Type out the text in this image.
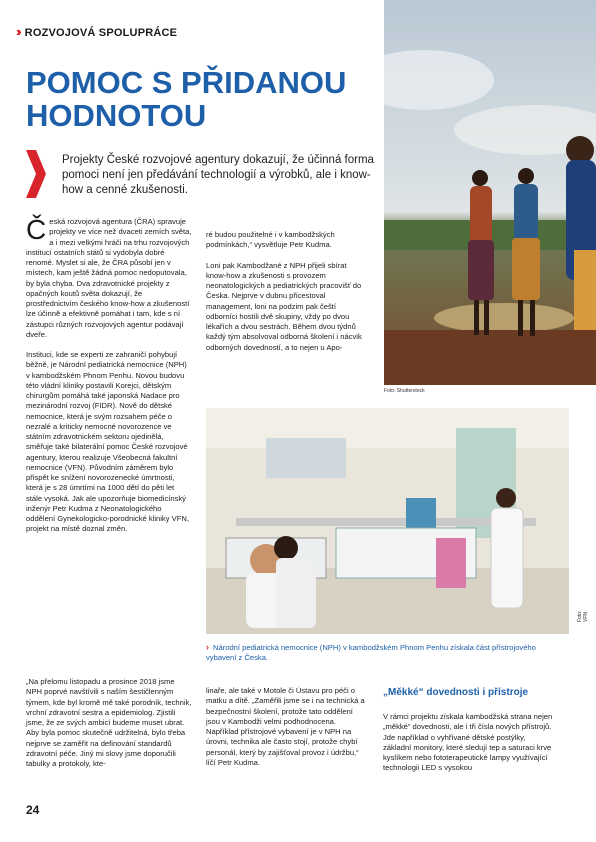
›› ROZVOJOVÁ SPOLUPRÁCE
POMOC S PŘIDANOU
HODNOTOU
Projekty České rozvojové agentury dokazují, že účinná forma pomoci není jen předávání technologií a výrobků, ale i know-how a cenné zkušenosti.
Foto: Shutterstock

Česká rozvojová agentura (ČRA) spravuje projekty ve více než dvaceti zemích světa, a i mezi velkými hráči na trhu rozvojových institucí ostatních států si vydobyla dobré renomé. Myslet si ale, že ČRA působí jen v místech, kam ještě žádná pomoc nedoputovala, by byla chyba. Dva zdravotnické projekty z opačných koutů světa dokazují, že prostřednictvím českého know-how a zkušeností lze účinně a efektivně pomáhat i tam, kde s ní zástupci různých rozvojových agentur podávají dveře.

Instituci, kde se experti ze zahraničí pohybují běžně, je Národní pediatrická nemocnice (NPH) v kambodžském Phnom Penhu. Novou budovu této vládní kliniky postavili Korejci, dětským chirurgům pomáhá také japonská Nadace pro mezinárodní rozvoj (FIDR). Nově do dětské nemocnice, která je svým rozsahem péče o nezralé a kriticky nemocné novorozence ve státním zdravotnickém sektoru ojedinělá, směřuje také bilaterální pomoc České rozvojové agentury, kterou realizuje Všeobecná fakultní nemocnice (VFN). Původním záměrem bylo přispět ke snížení novorozenecké úmrtnosti, která je s 28 úmrtími na 1000 dětí do pěti let stále vysoká. Jak ale upozorňuje biomedicínský inženýr Petr Kudma z Neonatologického oddělení Gynekologicko-porodnické kliniky VFN, projekt na místě doznal změn.

ré budou použitelné i v kambodžských podmínkách,“ vysvětluje Petr Kudma.

Loni pak Kambodžané z NPH přijeli sbírat know-how a zkušenosti s provozem neonatologických a pediatrických pracovišť do Česka. Nejprve v dubnu přicestoval management, loni na podzim pak čeští odborníci hostili dvě skupiny, vždy po dvou lékařích a dvou sestrách. Během dvou týdnů každý tým absolvoval odborná školení i nácvik odborných dovedností, a to nejen u Apo-

Foto: VFN
› Národní pediatrická nemocnice (NPH) v kambodžském Phnom Penhu získala část přístrojového vybavení z Česka.
„Na přelomu listopadu a prosince 2018 jsme NPH poprvé navštívili s naším šestičlenným týmem, kde byl kromě mě také porodník, technik, vrchní zdravotní sestra a epidemiolog. Zjistili jsme, že ze svých ambicí budeme muset ubrat. Aby byla pomoc skutečně udržitelná, bylo třeba nejprve se zaměřit na definování standardů zdravotní péče. Jiný mi slovy jsme doporučili tabulky a protokoly, kte-
linaře, ale také v Motole či Ústavu pro péči o matku a dítě. „Zaměřili jsme se i na technická a bezpečnostní školení, protože tato oddělení jsou v Kambodži velmi podhodnocena. Například přístrojové vybavení je v NPH na úrovni, technika ale často stojí, protože chybí personál, který by zajišťoval provoz i údržbu,“ líčí Petr Kudma.
„Měkké“ dovednosti i přístroje
V rámci projektu získala kambodžská strana nejen „měkké“ dovednosti, ale i tři čísla nových přístrojů. Jde například o vyhřívané dětské postýlky, základní monitory, které sledují tep a saturaci krve kyslíkem nebo fototerapeutické lampy využívající technologii LED s vysokou
24
